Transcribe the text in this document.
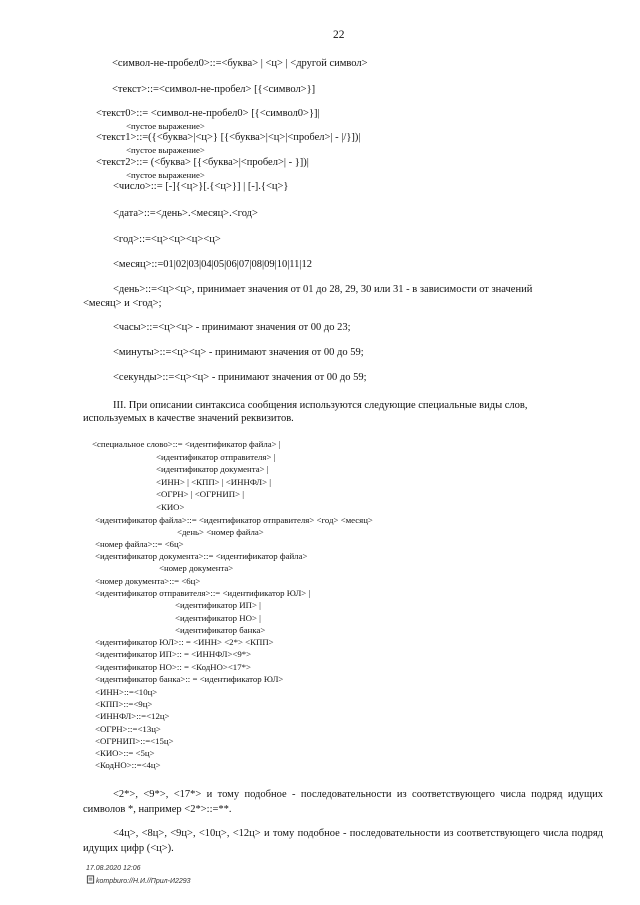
22
<символ-не-пробел0>::=<буква> | <ц> | <другой символ>
<текст>::=<символ-не-пробел> [{<символ>}]
<текст0>::= <символ-не-пробел0> [{<символ0>}]|
<пустое выражение>
<текст1>::=({<буква>|<ц>} [{<буква>|<ц>|<пробел>| - |/}])|
<пустое выражение>
<текст2>::= (<буква> [{<буква>|<пробел>| - }])|
<пустое выражение>
<число>::= [-]{<ц>}[.{<ц>}] | [-].{<ц>}
<дата>::=<день>.<месяц>.<год>
<год>::=<ц><ц><ц><ц>
<месяц>::=01|02|03|04|05|06|07|08|09|10|11|12
<день>::=<ц><ц>, принимает значения от 01 до 28, 29, 30 или 31 - в зависимости от значений
<месяц> и <год>;
<часы>::=<ц><ц> - принимают значения от 00 до 23;
<минуты>::=<ц><ц> - принимают значения от 00 до 59;
<секунды>::=<ц><ц> - принимают значения от 00 до 59;
III. При описании синтаксиса сообщения используются следующие специальные виды слов,
используемых в качестве значений реквизитов.
<специальное слово>::= <идентификатор файла> |
<идентификатор отправителя> |
<идентификатор документа> |
<ИНН> | <КПП> | <ИННФЛ> |
<ОГРН> | <ОГРНИП> |
<КИО>
<идентификатор файла>::= <идентификатор отправителя> <год> <месяц>
<день> <номер файла>
<номер файла>::= <6ц>
<идентификатор документа>::= <идентификатор файла>
<номер документа>
<номер документа>::= <6ц>
<идентификатор отправителя>::= <идентификатор ЮЛ> |
<идентификатор ИП> |
<идентификатор НО> |
<идентификатор банка>
<идентификатор ЮЛ>:: = <ИНН> <2*> <КПП>
<идентификатор ИП>:: = <ИННФЛ><9*>
<идентификатор НО>:: = <КодНО><17*>
<идентификатор банка>:: = <идентификатор ЮЛ>
<ИНН>::=<10ц>
<КПП>::=<9ц>
<ИННФЛ>::=<12ц>
<ОГРН>::=<13ц>
<ОГРНИП>::=<15ц>
<КИО>::= <5ц>
<КодНО>::=<4ц>
<2*>, <9*>, <17*> и тому подобное - последовательности из соответствующего числа подряд идущих символов *, например <2*>::=**.
<4ц>, <8ц>, <9ц>, <10ц>, <12ц> и тому подобное - последовательности из соответствующего числа подряд идущих цифр (<ц>).
17.08.2020 12:06
kompburo://Н.И.//Прил-И2293
